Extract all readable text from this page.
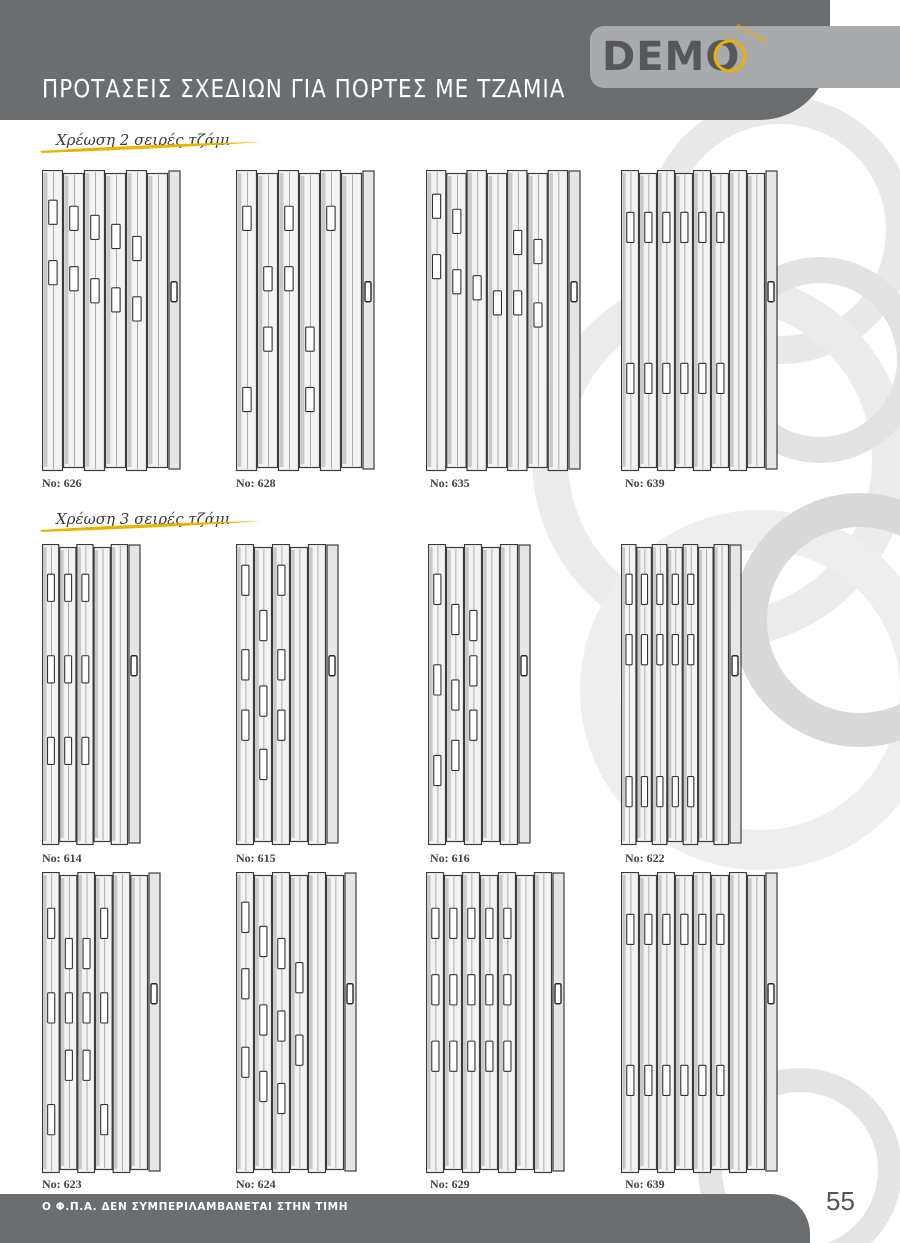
ΠΡΟΤΑΣΕΙΣ ΣΧΕΔΙΩΝ ΓΙΑ ΠΟΡΤΕΣ ΜΕ ΤΖΑΜΙΑ
DEMO
SYSTEMS
Χρέωση 2 σειρές τζάμι
Χρέωση 3 σειρές τζάμι
No: 626	No: 628	No: 635	No: 639
No: 614	No: 615	No: 616	No: 622
No: 623	No: 624	No: 629	No: 639
Ο Φ.Π.Α. ΔΕΝ ΣΥΜΠΕΡΙΛΑΜΒΑΝΕΤΑΙ ΣΤΗΝ ΤΙΜΗ	55
